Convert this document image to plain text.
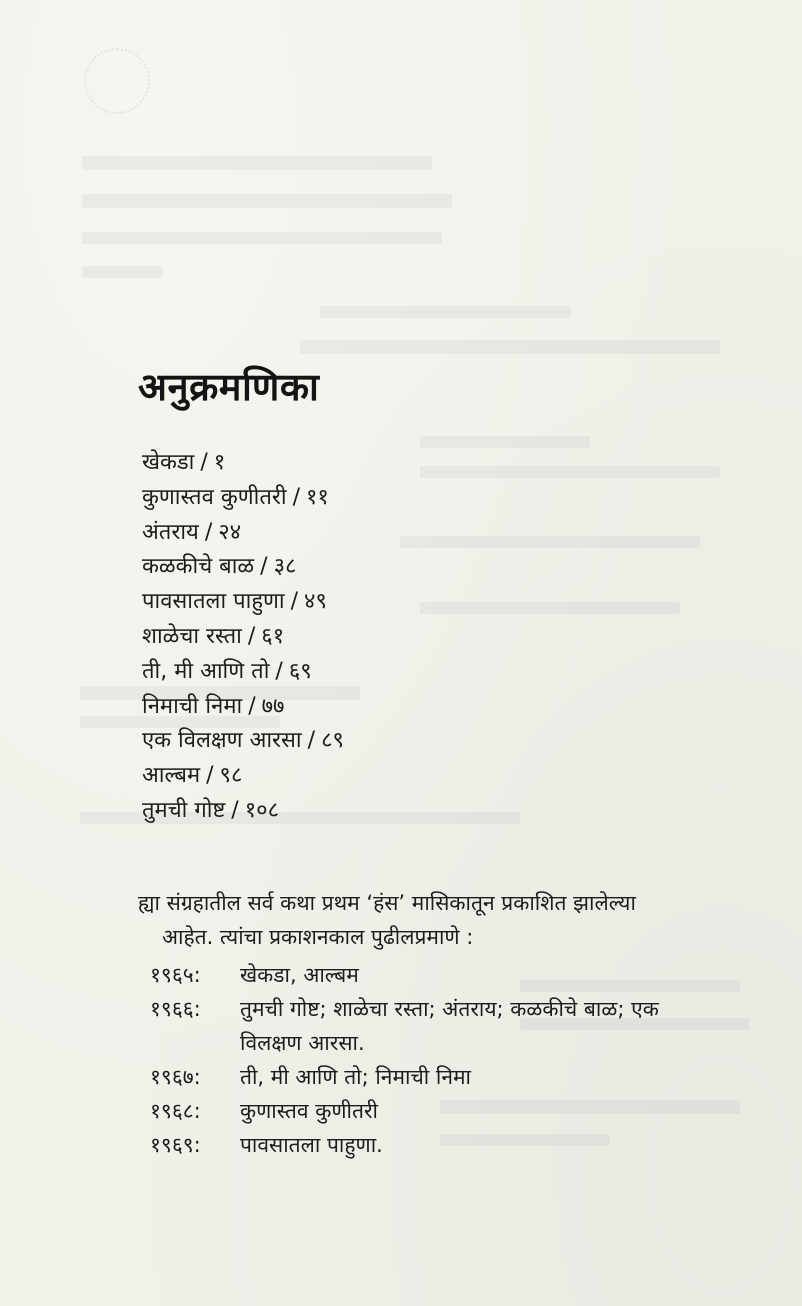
अनुक्रमणिका
खेकडा / १
कुणास्तव कुणीतरी / ११
अंतराय / २४
कळकीचे बाळ / ३८
पावसातला पाहुणा / ४९
शाळेचा रस्ता / ६१
ती, मी आणि तो / ६९
निमाची निमा / ७७
एक विलक्षण आरसा / ८९
आल्बम / ९८
तुमची गोष्ट / १०८
ह्या संग्रहातील सर्व कथा प्रथम ‘हंस’ मासिकातून प्रकाशित झालेल्या
आहेत. त्यांचा प्रकाशनकाल पुढीलप्रमाणे :
१९६५:	खेकडा, आल्बम
१९६६:	तुमची गोष्ट; शाळेचा रस्ता; अंतराय; कळकीचे बाळ; एक विलक्षण आरसा.
१९६७:	ती, मी आणि तो; निमाची निमा
१९६८:	कुणास्तव कुणीतरी
१९६९:	पावसातला पाहुणा.
